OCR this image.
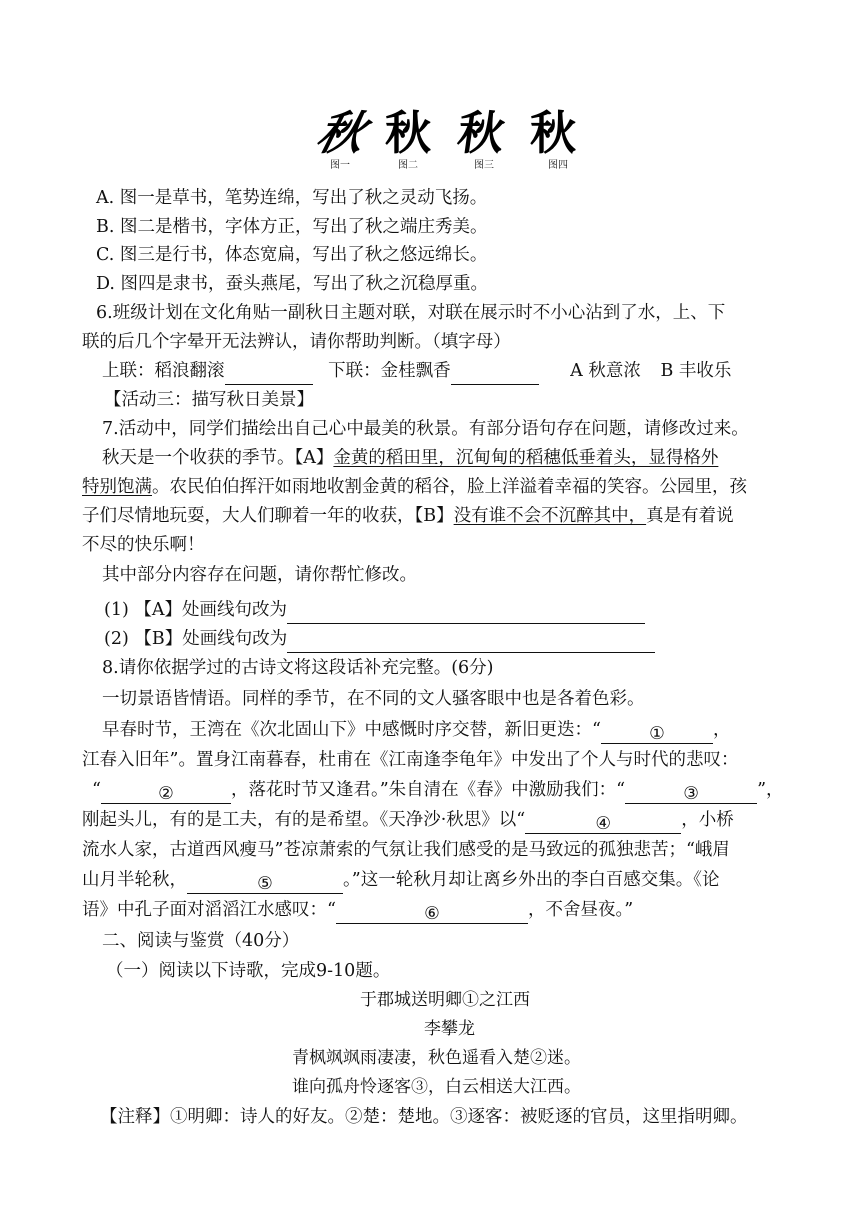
秋 秋 秋 秋
图一	图二	图三	图四
A. 图一是草书，笔势连绵，写出了秋之灵动飞扬。
B. 图二是楷书，字体方正，写出了秋之端庄秀美。
C. 图三是行书，体态宽扁，写出了秋之悠远绵长。
D. 图四是隶书，蚕头燕尾，写出了秋之沉稳厚重。
6.班级计划在文化角贴一副秋日主题对联，对联在展示时不小心沾到了水，上、下
联的后几个字晕开无法辨认，请你帮助判断。（填字母）
上联：稻浪翻滚	下联：金桂飘香	A 秋意浓 B 丰收乐
【活动三：描写秋日美景】
7.活动中，同学们描绘出自己心中最美的秋景。有部分语句存在问题，请修改过来。
秋天是一个收获的季节。【A】金黄的稻田里，沉甸甸的稻穗低垂着头，显得格外
特别饱满。农民伯伯挥汗如雨地收割金黄的稻谷，脸上洋溢着幸福的笑容。公园里，孩
子们尽情地玩耍，大人们聊着一年的收获，【B】没有谁不会不沉醉其中，真是有着说
不尽的快乐啊！
其中部分内容存在问题，请你帮忙修改。
(1) 【A】处画线句改为
(2) 【B】处画线句改为
8.请你依据学过的古诗文将这段话补充完整。(6分)
一切景语皆情语。同样的季节，在不同的文人骚客眼中也是各着色彩。
早春时节，王湾在《次北固山下》中感慨时序交替，新旧更迭：“	①	，
江春入旧年”。置身江南暮春，杜甫在《江南逢李龟年》中发出了个人与时代的悲叹：
“	②	，落花时节又逢君。”朱自清在《春》中激励我们：“	③	”，
刚起头儿，有的是工夫，有的是希望。《天净沙·秋思》以“	④	，小桥
流水人家，古道西风瘦马”苍凉萧索的气氛让我们感受的是马致远的孤独悲苦；“峨眉
山月半轮秋，	⑤	。”这一轮秋月却让离乡外出的李白百感交集。《论
语》中孔子面对滔滔江水感叹：“	⑥	，不舍昼夜。”
二、阅读与鉴赏（40分）
（一）阅读以下诗歌，完成9-10题。
于郡城送明卿①之江西
李攀龙
青枫飒飒雨凄凄，秋色遥看入楚②迷。
谁向孤舟怜逐客③，白云相送大江西。
【注释】①明卿：诗人的好友。②楚：楚地。③逐客：被贬逐的官员，这里指明卿。
